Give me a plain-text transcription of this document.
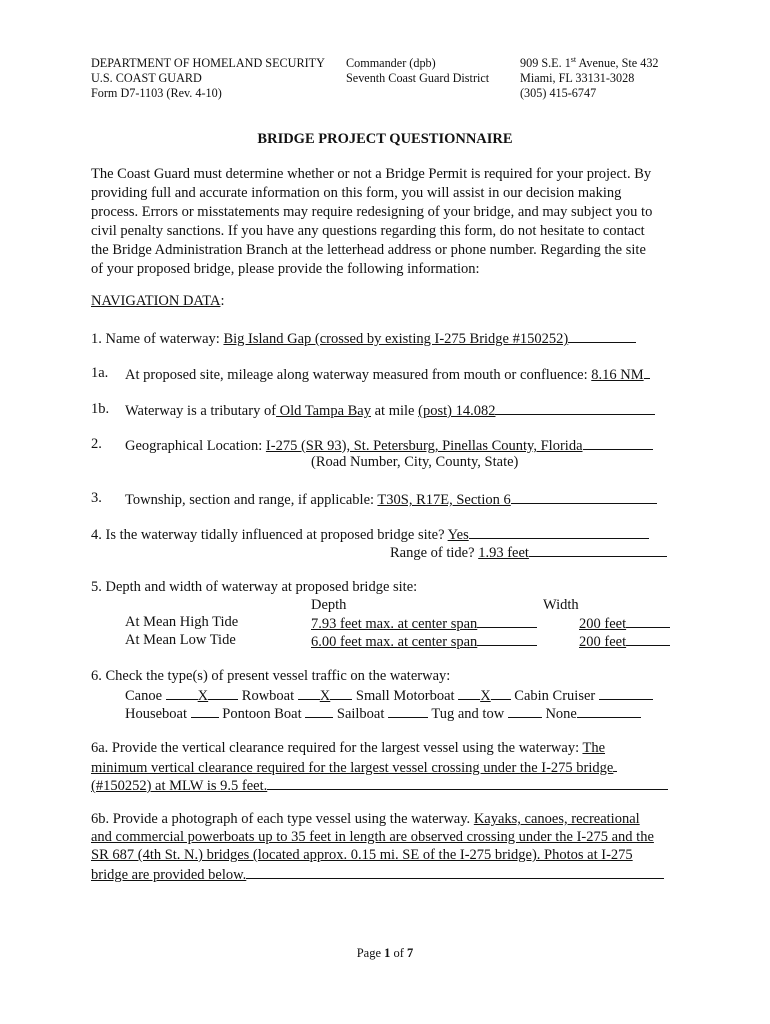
DEPARTMENT OF HOMELAND SECURITY
U.S. COAST GUARD
Form D7-1103 (Rev. 4-10)
Commander (dpb)
Seventh Coast Guard District
909 S.E. 1st Avenue, Ste 432
Miami, FL 33131-3028
(305) 415-6747
BRIDGE PROJECT QUESTIONNAIRE
The Coast Guard must determine whether or not a Bridge Permit is required for your project. By
providing full and accurate information on this form, you will assist in our decision making
process. Errors or misstatements may require redesigning of your bridge, and may subject you to
civil penalty sanctions. If you have any questions regarding this form, do not hesitate to contact
the Bridge Administration Branch at the letterhead address or phone number. Regarding the site
of your proposed bridge, please provide the following information:
NAVIGATION DATA:
1. Name of waterway: Big Island Gap (crossed by existing I-275 Bridge #150252)
1a. At proposed site, mileage along waterway measured from mouth or confluence: 8.16 NM
1b. Waterway is a tributary of Old Tampa Bay at mile (post) 14.082
2. Geographical Location: I-275 (SR 93), St. Petersburg, Pinellas County, Florida
(Road Number, City, County, State)
3. Township, section and range, if applicable: T30S, R17E, Section 6
4. Is the waterway tidally influenced at proposed bridge site? Yes
Range of tide? 1.93 feet
5. Depth and width of waterway at proposed bridge site:
Depth	Width
At Mean High Tide	7.93 feet max. at center span	200 feet
At Mean Low Tide	6.00 feet max. at center span	200 feet
6. Check the type(s) of present vessel traffic on the waterway:
Canoe X Rowboat X Small Motorboat X Cabin Cruiser
Houseboat  Pontoon Boat  Sailboat	Tug and tow  None
6a. Provide the vertical clearance required for the largest vessel using the waterway: The
minimum vertical clearance required for the largest vessel crossing under the I-275 bridge
(#150252) at MLW is 9.5 feet.
6b. Provide a photograph of each type vessel using the waterway. Kayaks, canoes, recreational
and commercial powerboats up to 35 feet in length are observed crossing under the I-275 and the
SR 687 (4th St. N.) bridges (located approx. 0.15 mi. SE of the I-275 bridge). Photos at I-275
bridge are provided below.
Page 1 of 7
